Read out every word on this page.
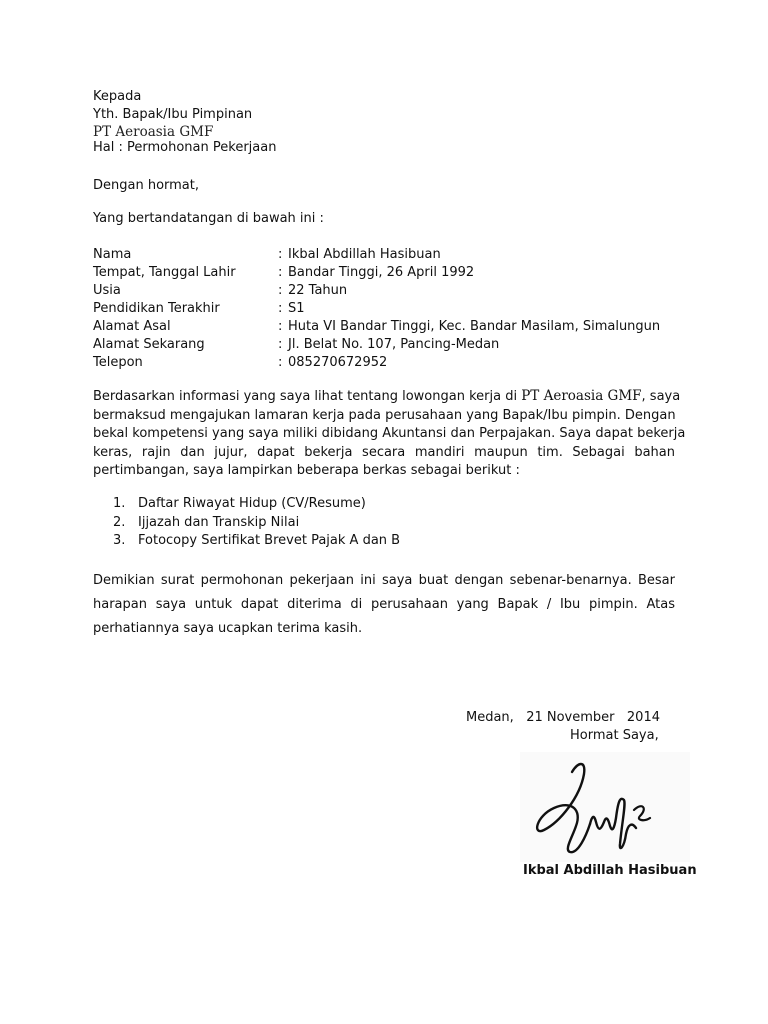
Kepada
Yth. Bapak/Ibu Pimpinan
PT Aeroasia GMF
Hal : Permohonan Pekerjaan
Dengan hormat,
Yang bertandatangan di bawah ini :
Nama	: Ikbal Abdillah Hasibuan
Tempat, Tanggal Lahir	: Bandar Tinggi, 26 April 1992
Usia	: 22 Tahun
Pendidikan Terakhir	: S1
Alamat Asal	: Huta VI Bandar Tinggi, Kec. Bandar Masilam, Simalungun
Alamat Sekarang	: Jl. Belat No. 107, Pancing-Medan
Telepon	: 085270672952
Berdasarkan informasi yang saya lihat tentang lowongan kerja di PT Aeroasia GMF, saya
bermaksud mengajukan lamaran kerja pada perusahaan yang Bapak/Ibu pimpin. Dengan
bekal kompetensi yang saya miliki dibidang Akuntansi dan Perpajakan. Saya dapat bekerja
keras, rajin dan jujur, dapat bekerja secara mandiri maupun tim. Sebagai bahan
pertimbangan, saya lampirkan beberapa berkas sebagai berikut :
1. Daftar Riwayat Hidup (CV/Resume)
2. Ijjazah dan Transkip Nilai
3. Fotocopy Sertifikat Brevet Pajak A dan B
Demikian surat permohonan pekerjaan ini saya buat dengan sebenar-benarnya. Besar
harapan saya untuk dapat diterima di perusahaan yang Bapak / Ibu pimpin. Atas
perhatiannya saya ucapkan terima kasih.
Medan,   21 November   2014
Hormat Saya,
Ikbal Abdillah Hasibuan
